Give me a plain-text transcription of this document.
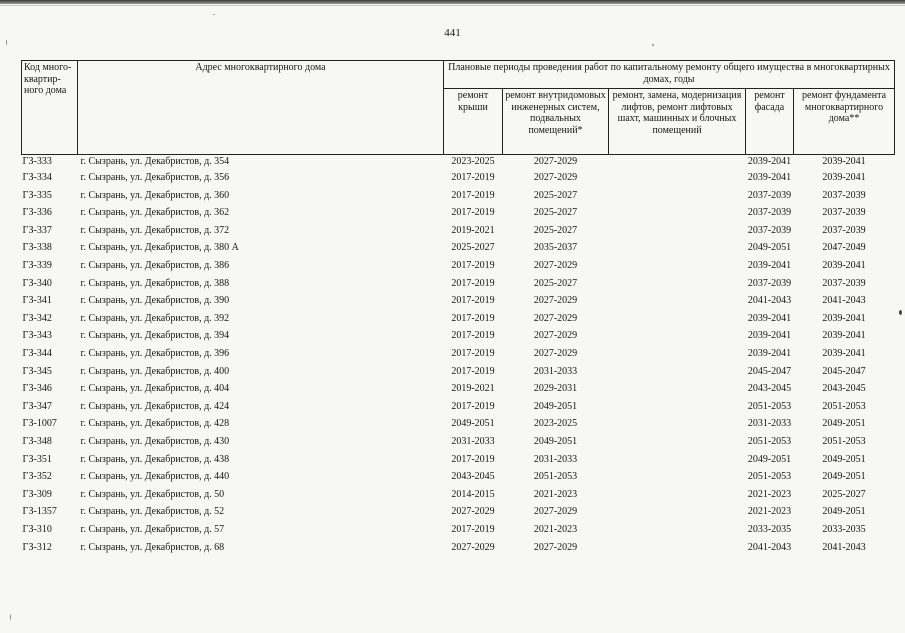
441
Код много-квартир-ного дома	Адрес многоквартирного дома	Плановые периоды проведения работ по капитальному ремонту общего имущества в многоквартирных домах, годы				
		ремонт крыши	ремонт внутридомовых инженерных систем, подвальных помещений*	ремонт, замена, модернизация лифтов, ремонт лифтовых шахт, машинных и блочных помещений	ремонт фасада	ремонт фундамента многоквартирного дома**
ГЗ-333	г. Сызрань, ул. Декабристов, д. 354	2023-2025	2027-2029		2039-2041	2039-2041
ГЗ-334	г. Сызрань, ул. Декабристов, д. 356	2017-2019	2027-2029		2039-2041	2039-2041
ГЗ-335	г. Сызрань, ул. Декабристов, д. 360	2017-2019	2025-2027		2037-2039	2037-2039
ГЗ-336	г. Сызрань, ул. Декабристов, д. 362	2017-2019	2025-2027		2037-2039	2037-2039
ГЗ-337	г. Сызрань, ул. Декабристов, д. 372	2019-2021	2025-2027		2037-2039	2037-2039
ГЗ-338	г. Сызрань, ул. Декабристов, д. 380 А	2025-2027	2035-2037		2049-2051	2047-2049
ГЗ-339	г. Сызрань, ул. Декабристов, д. 386	2017-2019	2027-2029		2039-2041	2039-2041
ГЗ-340	г. Сызрань, ул. Декабристов, д. 388	2017-2019	2025-2027		2037-2039	2037-2039
ГЗ-341	г. Сызрань, ул. Декабристов, д. 390	2017-2019	2027-2029		2041-2043	2041-2043
ГЗ-342	г. Сызрань, ул. Декабристов, д. 392	2017-2019	2027-2029		2039-2041	2039-2041
ГЗ-343	г. Сызрань, ул. Декабристов, д. 394	2017-2019	2027-2029		2039-2041	2039-2041
ГЗ-344	г. Сызрань, ул. Декабристов, д. 396	2017-2019	2027-2029		2039-2041	2039-2041
ГЗ-345	г. Сызрань, ул. Декабристов, д. 400	2017-2019	2031-2033		2045-2047	2045-2047
ГЗ-346	г. Сызрань, ул. Декабристов, д. 404	2019-2021	2029-2031		2043-2045	2043-2045
ГЗ-347	г. Сызрань, ул. Декабристов, д. 424	2017-2019	2049-2051		2051-2053	2051-2053
ГЗ-1007	г. Сызрань, ул. Декабристов, д. 428	2049-2051	2023-2025		2031-2033	2049-2051
ГЗ-348	г. Сызрань, ул. Декабристов, д. 430	2031-2033	2049-2051		2051-2053	2051-2053
ГЗ-351	г. Сызрань, ул. Декабристов, д. 438	2017-2019	2031-2033		2049-2051	2049-2051
ГЗ-352	г. Сызрань, ул. Декабристов, д. 440	2043-2045	2051-2053		2051-2053	2049-2051
ГЗ-309	г. Сызрань, ул. Декабристов, д. 50	2014-2015	2021-2023		2021-2023	2025-2027
ГЗ-1357	г. Сызрань, ул. Декабристов, д. 52	2027-2029	2027-2029		2021-2023	2049-2051
ГЗ-310	г. Сызрань, ул. Декабристов, д. 57	2017-2019	2021-2023		2033-2035	2033-2035
ГЗ-312	г. Сызрань, ул. Декабристов, д. 68	2027-2029	2027-2029		2041-2043	2041-2043
